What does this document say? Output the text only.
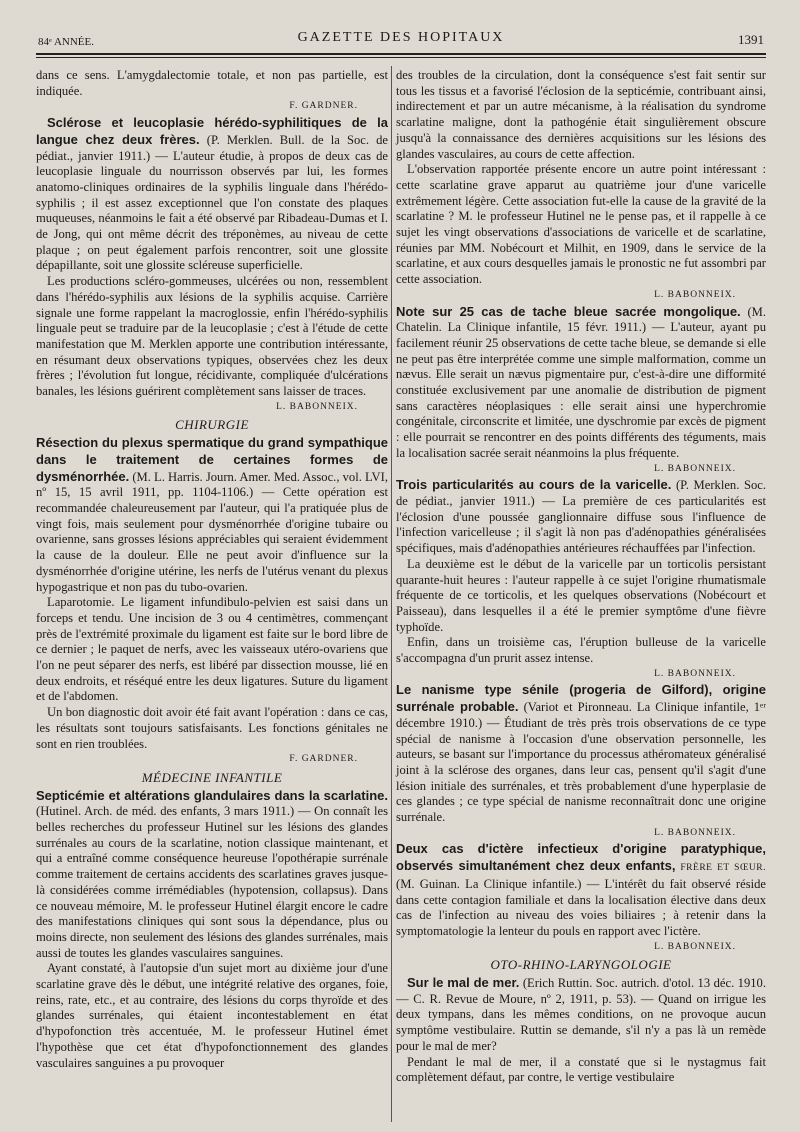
84ᵉ ANNÉE.	GAZETTE DES HOPITAUX	1391

dans ce sens. L'amygdalectomie totale, et non pas partielle, est indiquée.

F. GARDNER.

Sclérose et leucoplasie hérédo-syphilitiques de la langue chez deux frères. (P. Merklen. Bull. de la Soc. de pédiat., janvier 1911.) — L'auteur étudie, à propos de deux cas de leucoplasie linguale du nourrisson observés par lui, les formes anatomo-cliniques ordinaires de la syphilis linguale dans l'hérédo-syphilis ; il est assez exceptionnel que l'on constate des plaques muqueuses, néanmoins le fait a été observé par Ribadeau-Dumas et I. de Jong, qui ont même décrit des tréponèmes, au niveau de cette plaque ; on peut également parfois rencontrer, soit une glossite dépapillante, soit une glossite scléreuse superficielle.

Les productions scléro-gommeuses, ulcérées ou non, ressemblent dans l'hérédo-syphilis aux lésions de la syphilis acquise. Carrière signale une forme rappelant la macroglossie, enfin l'hérédo-syphilis linguale peut se traduire par de la leucoplasie ; c'est à l'étude de cette manifestation que M. Merklen apporte une contribution intéressante, en résumant deux observations typiques, observées chez les deux frères ; l'évolution fut longue, récidivante, compliquée d'ulcérations banales, les lésions guérirent complètement sans laisser de traces.

L. BABONNEIX.
CHIRURGIE

Résection du plexus spermatique du grand sympathique dans le traitement de certaines formes de dysménorrhée. (M. L. Harris. Journ. Amer. Med. Assoc., vol. LVI, nº 15, 15 avril 1911, pp. 1104-1106.) — Cette opération est recommandée chaleureusement par l'auteur, qui l'a pratiquée plus de vingt fois, mais seulement pour dysménorrhée d'origine tubaire ou ovarienne, sans grosses lésions appréciables qui seraient évidemment la cause de la douleur. Elle ne peut avoir d'influence sur la dysménorrhée d'origine utérine, les nerfs de l'utérus venant du plexus hypogastrique et non pas du tubo-ovarien.

Laparotomie. Le ligament infundibulo-pelvien est saisi dans un forceps et tendu. Une incision de 3 ou 4 centimètres, commençant près de l'extrémité proximale du ligament est faite sur le bord libre de ce dernier ; le paquet de nerfs, avec les vaisseaux utéro-ovariens que l'on ne peut séparer des nerfs, est libéré par dissection mousse, lié en deux endroits, et réséqué entre les deux ligatures. Suture du ligament et de l'abdomen.

Un bon diagnostic doit avoir été fait avant l'opération : dans ce cas, les résultats sont toujours satisfaisants. Les fonctions génitales ne sont en rien troublées.

F. GARDNER.
MÉDECINE INFANTILE

Septicémie et altérations glandulaires dans la scarlatine. (Hutinel. Arch. de méd. des enfants, 3 mars 1911.) — On connaît les belles recherches du professeur Hutinel sur les lésions des glandes surrénales au cours de la scarlatine, notion classique maintenant, et qui a entraîné comme conséquence heureuse l'opothérapie surrénale comme traitement de certains accidents des scarlatines graves jusque-là considérées comme irrémédiables (hypotension, collapsus). Dans ce nouveau mémoire, M. le professeur Hutinel élargit encore le cadre des manifestations cliniques qui sont sous la dépendance, plus ou moins directe, non seulement des lésions des glandes surrénales, mais aussi de toutes les glandes vasculaires sanguines.

Ayant constaté, à l'autopsie d'un sujet mort au dixième jour d'une scarlatine grave dès le début, une intégrité relative des organes, foie, reins, rate, etc., et au contraire, des lésions du corps thyroïde et des glandes surrénales, qui étaient incontestablement en état d'hypofonction très accentuée, M. le professeur Hutinel émet l'hypothèse que cet état d'hypofonctionnement des glandes vasculaires sanguines a pu provoquer

des troubles de la circulation, dont la conséquence s'est fait sentir sur tous les tissus et a favorisé l'éclosion de la septicémie, contribuant ainsi, indirectement et par un autre mécanisme, à la réalisation du syndrome scarlatine maligne, dont la pathogénie était singulièrement obscure jusqu'à la connaissance des dernières acquisitions sur les lésions des glandes vasculaires, au cours de cette affection.

L'observation rapportée présente encore un autre point intéressant : cette scarlatine grave apparut au quatrième jour d'une varicelle extrêmement légère. Cette association fut-elle la cause de la gravité de la scarlatine ? M. le professeur Hutinel ne le pense pas, et il rappelle à ce sujet les vingt observations d'associations de varicelle et de scarlatine, réunies par MM. Nobécourt et Milhit, en 1909, dans le service de la scarlatine, et aux cours desquelles jamais le pronostic ne fut assombri par cette association.

L. BABONNEIX.

Note sur 25 cas de tache bleue sacrée mongolique. (M. Chatelin. La Clinique infantile, 15 févr. 1911.) — L'auteur, ayant pu facilement réunir 25 observations de cette tache bleue, se demande si elle ne peut pas être interprétée comme une simple malformation, comme un nævus. Elle serait un nævus pigmentaire pur, c'est-à-dire une difformité constituée exclusivement par une anomalie de distribution de pigment sans caractères néoplasiques : elle serait ainsi une hyperchromie congénitale, circonscrite et limitée, une dyschromie par excès de pigment : elle pourrait se rencontrer en des points différents des téguments, mais la localisation sacrée serait néanmoins la plus fréquente.

L. BABONNEIX.

Trois particularités au cours de la varicelle. (P. Merklen. Soc. de pédiat., janvier 1911.) — La première de ces particularités est l'éclosion d'une poussée ganglionnaire diffuse sous l'influence de l'infection varicelleuse ; il s'agit là non pas d'adénopathies généralisées spécifiques, mais d'adénopathies antérieures réchauffées par l'infection.

La deuxième est le début de la varicelle par un torticolis persistant quarante-huit heures : l'auteur rappelle à ce sujet l'origine rhumatismale fréquente de ce torticolis, et les quelques observations (Nobécourt et Paisseau), dans lesquelles il a été le premier symptôme d'une fièvre typhoïde.

Enfin, dans un troisième cas, l'éruption bulleuse de la varicelle s'accompagna d'un prurit assez intense.

L. BABONNEIX.

Le nanisme type sénile (progeria de Gilford), origine surrénale probable. (Variot et Pironneau. La Clinique infantile, 1ᵉʳ décembre 1910.) — Étudiant de très près trois observations de ce type spécial de nanisme à l'occasion d'une observation personnelle, les auteurs, se basant sur l'importance du processus athéromateux généralisé joint à la sclérose des organes, dans leur cas, pensent qu'il s'agit d'une lésion initiale des surrénales, et très probablement d'une hyperplasie de ces glandes ; ce type spécial de nanisme reconnaîtrait donc une origine surrénale.

L. BABONNEIX.

Deux cas d'ictère infectieux d'origine paratyphique, observés simultanément chez deux enfants, FRÈRE ET SŒUR. (M. Guinan. La Clinique infantile.) — L'intérêt du fait observé réside dans cette contagion familiale et dans la localisation élective dans deux cas de l'infection au niveau des voies biliaires ; à retenir dans la symptomatologie la lenteur du pouls en rapport avec l'ictère.

L. BABONNEIX.
OTO-RHINO-LARYNGOLOGIE

Sur le mal de mer. (Erich Ruttin. Soc. autrich. d'otol. 13 déc. 1910. — C. R. Revue de Moure, nº 2, 1911, p. 53). — Quand on irrigue les deux tympans, dans les mêmes conditions, on ne provoque aucun symptôme vestibulaire. Ruttin se demande, s'il n'y a pas là un remède pour le mal de mer?

Pendant le mal de mer, il a constaté que si le nystagmus fait complètement défaut, par contre, le vertige vestibulaire
